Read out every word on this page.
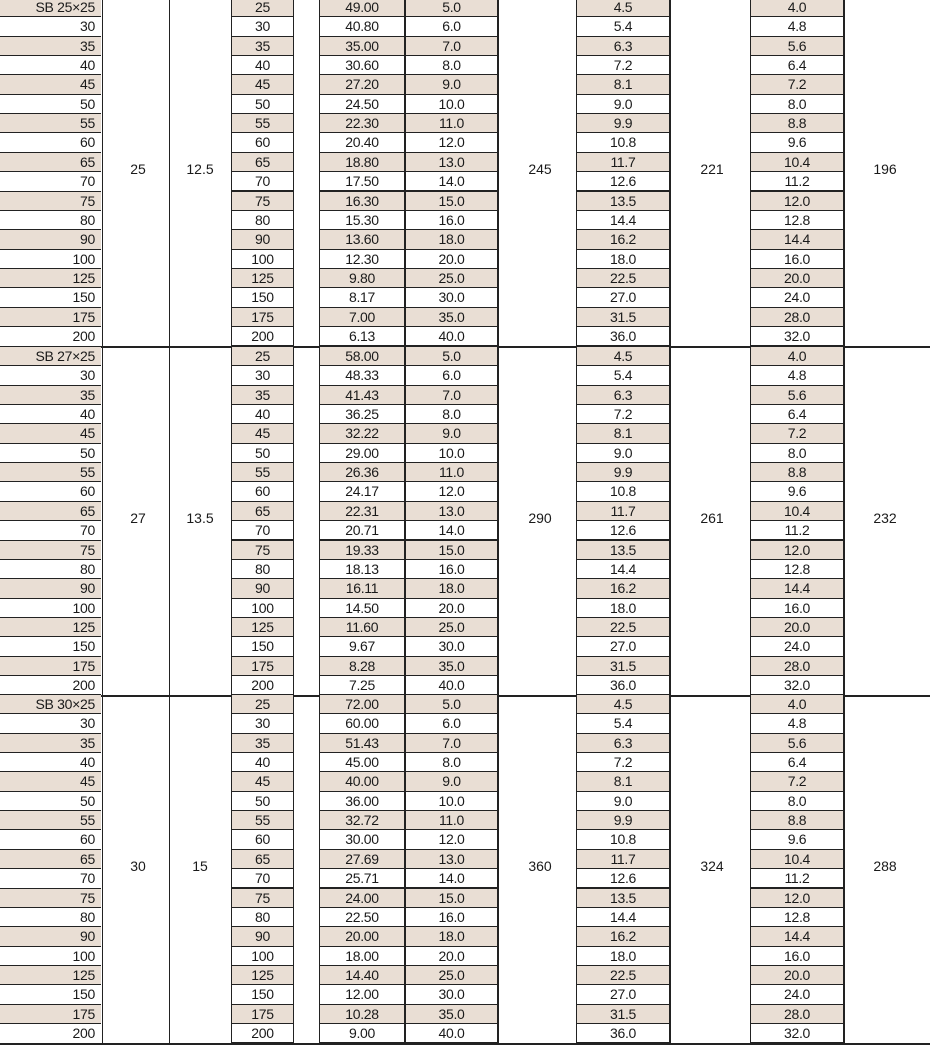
SB 25×25	25	49.00	5.0	4.5	4.0
30	30	40.80	6.0	5.4	4.8
35	35	35.00	7.0	6.3	5.6
40	40	30.60	8.0	7.2	6.4
45	45	27.20	9.0	8.1	7.2
50	50	24.50	10.0	9.0	8.0
55	55	22.30	11.0	9.9	8.8
60	60	20.40	12.0	10.8	9.6
65	65	18.80	13.0	11.7	10.4
70	70	17.50	14.0	12.6	11.2
75	75	16.30	15.0	13.5	12.0
80	80	15.30	16.0	14.4	12.8
90	90	13.60	18.0	16.2	14.4
100	100	12.30	20.0	18.0	16.0
125	125	9.80	25.0	22.5	20.0
150	150	8.17	30.0	27.0	24.0
175	175	7.00	35.0	31.5	28.0
200	200	6.13	40.0	36.0	32.0
25	12.5	245	221	196
SB 27×25	25	58.00	5.0	4.5	4.0
30	30	48.33	6.0	5.4	4.8
35	35	41.43	7.0	6.3	5.6
40	40	36.25	8.0	7.2	6.4
45	45	32.22	9.0	8.1	7.2
50	50	29.00	10.0	9.0	8.0
55	55	26.36	11.0	9.9	8.8
60	60	24.17	12.0	10.8	9.6
65	65	22.31	13.0	11.7	10.4
70	70	20.71	14.0	12.6	11.2
75	75	19.33	15.0	13.5	12.0
80	80	18.13	16.0	14.4	12.8
90	90	16.11	18.0	16.2	14.4
100	100	14.50	20.0	18.0	16.0
125	125	11.60	25.0	22.5	20.0
150	150	9.67	30.0	27.0	24.0
175	175	8.28	35.0	31.5	28.0
200	200	7.25	40.0	36.0	32.0
27	13.5	290	261	232
SB 30×25	25	72.00	5.0	4.5	4.0
30	30	60.00	6.0	5.4	4.8
35	35	51.43	7.0	6.3	5.6
40	40	45.00	8.0	7.2	6.4
45	45	40.00	9.0	8.1	7.2
50	50	36.00	10.0	9.0	8.0
55	55	32.72	11.0	9.9	8.8
60	60	30.00	12.0	10.8	9.6
65	65	27.69	13.0	11.7	10.4
70	70	25.71	14.0	12.6	11.2
75	75	24.00	15.0	13.5	12.0
80	80	22.50	16.0	14.4	12.8
90	90	20.00	18.0	16.2	14.4
100	100	18.00	20.0	18.0	16.0
125	125	14.40	25.0	22.5	20.0
150	150	12.00	30.0	27.0	24.0
175	175	10.28	35.0	31.5	28.0
200	200	9.00	40.0	36.0	32.0
30	15	360	324	288
